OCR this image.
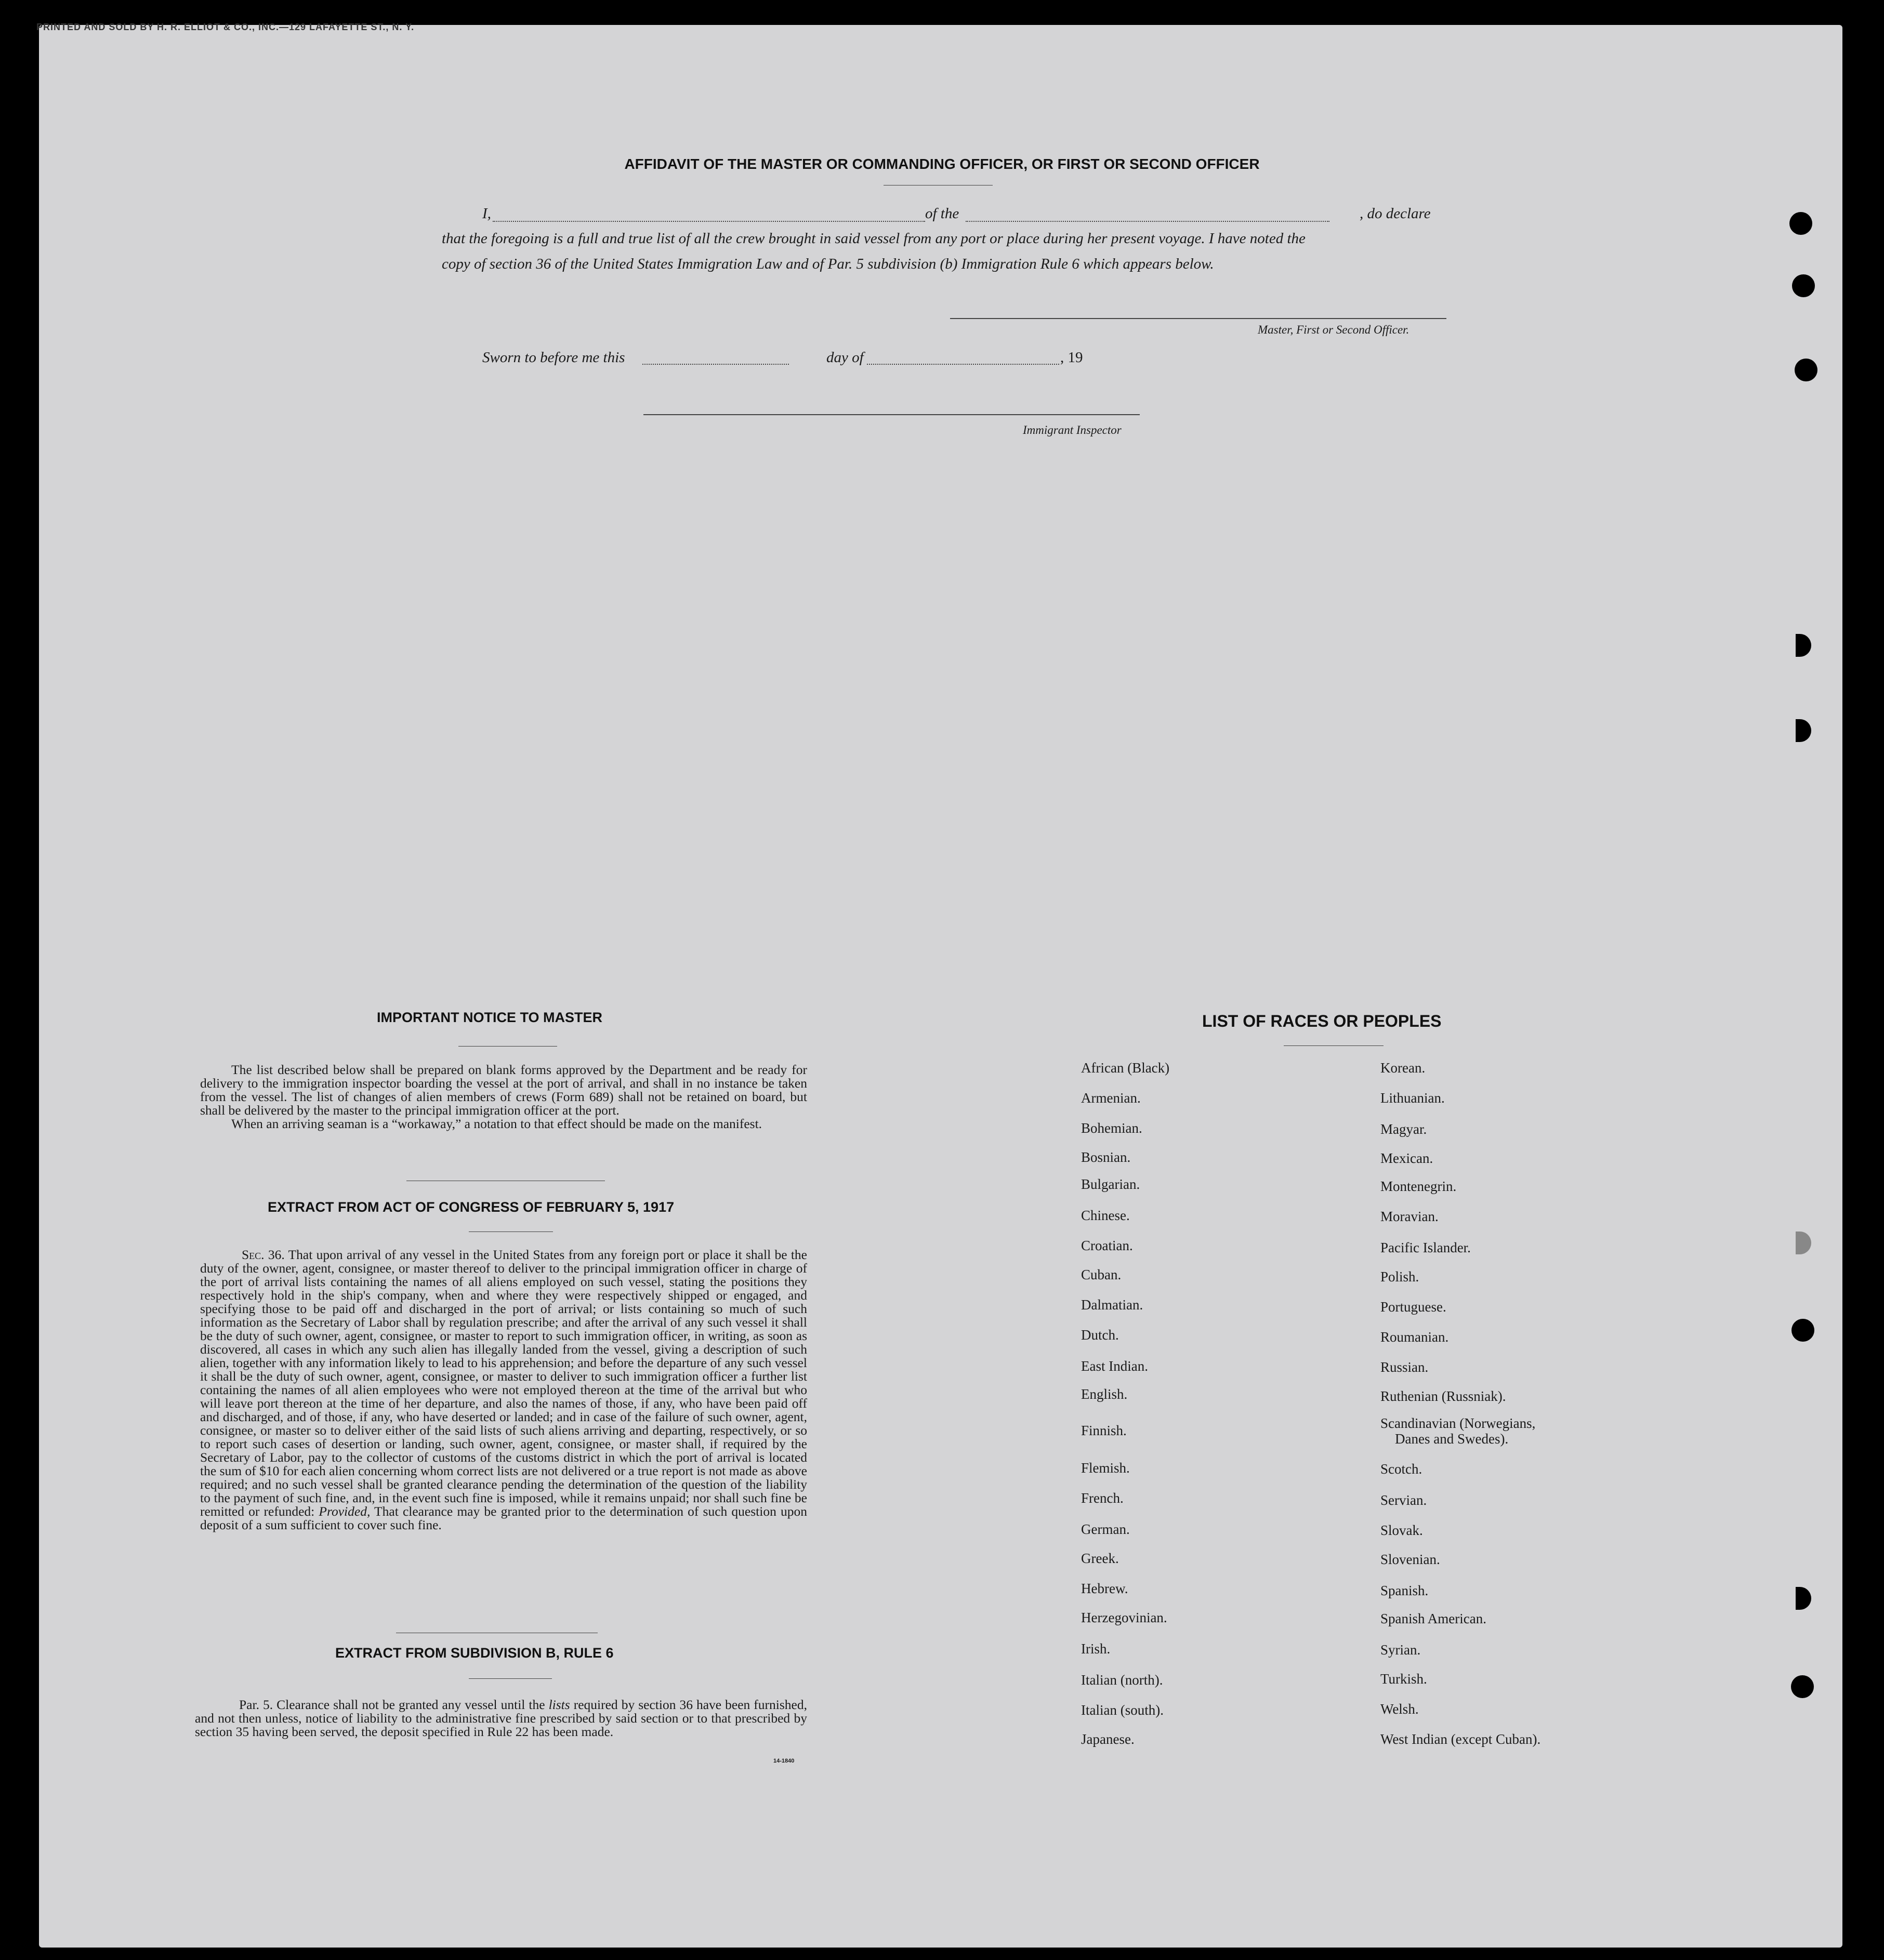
PRINTED AND SOLD BY H. R. ELLIOT & CO., INC.—129 LAFAYETTE ST., N. Y.
AFFIDAVIT OF THE MASTER OR COMMANDING OFFICER, OR FIRST OR SECOND OFFICER
I,	of the	, do declare
that the foregoing is a full and true list of all the crew brought in said vessel from any port or place during her present voyage. I have noted the
copy of section 36 of the United States Immigration Law and of Par. 5 subdivision (b) Immigration Rule 6 which appears below.
Master, First or Second Officer.
Sworn to before me this	day of	, 19
Immigrant Inspector
IMPORTANT NOTICE TO MASTER

The list described below shall be prepared on blank forms approved by the Department and be ready for delivery to the immigration inspector boarding the vessel at the port of arrival, and shall in no instance be taken from the vessel. The list of changes of alien members of crews (Form 689) shall not be retained on board, but shall be delivered by the master to the principal immigration officer at the port.

When an arriving seaman is a “workaway,” a notation to that effect should be made on the manifest.

EXTRACT FROM ACT OF CONGRESS OF FEBRUARY 5, 1917

Sec. 36. That upon arrival of any vessel in the United States from any foreign port or place it shall be the duty of the owner, agent, consignee, or master thereof to deliver to the principal immigration officer in charge of the port of arrival lists containing the names of all aliens employed on such vessel, stating the positions they respectively hold in the ship's company, when and where they were respectively shipped or engaged, and specifying those to be paid off and discharged in the port of arrival; or lists containing so much of such information as the Secretary of Labor shall by regulation prescribe; and after the arrival of any such vessel it shall be the duty of such owner, agent, consignee, or master to report to such immigration officer, in writing, as soon as discovered, all cases in which any such alien has illegally landed from the vessel, giving a description of such alien, together with any information likely to lead to his apprehension; and before the departure of any such vessel it shall be the duty of such owner, agent, consignee, or master to deliver to such immigration officer a further list containing the names of all alien employees who were not employed thereon at the time of the arrival but who will leave port thereon at the time of her departure, and also the names of those, if any, who have been paid off and discharged, and of those, if any, who have deserted or landed; and in case of the failure of such owner, agent, consignee, or master so to deliver either of the said lists of such aliens arriving and departing, respectively, or so to report such cases of desertion or landing, such owner, agent, consignee, or master shall, if required by the Secretary of Labor, pay to the collector of customs of the customs district in which the port of arrival is located the sum of $10 for each alien concerning whom correct lists are not delivered or a true report is not made as above required; and no such vessel shall be granted clearance pending the determination of the question of the liability to the payment of such fine, and, in the event such fine is imposed, while it remains unpaid; nor shall such fine be remitted or refunded: Provided, That clearance may be granted prior to the determination of such question upon deposit of a sum sufficient to cover such fine.

EXTRACT FROM SUBDIVISION B, RULE 6

Par. 5. Clearance shall not be granted any vessel until the lists required by section 36 have been furnished, and not then unless, notice of liability to the administrative fine prescribed by said section or to that prescribed by section 35 having been served, the deposit specified in Rule 22 has been made.

14-1840
LIST OF RACES OR PEOPLES
African (Black)
Armenian.
Bohemian.
Bosnian.
Bulgarian.
Chinese.
Croatian.
Cuban.
Dalmatian.
Dutch.
East Indian.
English.
Finnish.
Flemish.
French.
German.
Greek.
Hebrew.
Herzegovinian.
Irish.
Italian (north).
Italian (south).
Japanese.
Korean.
Lithuanian.
Magyar.
Mexican.
Montenegrin.
Moravian.
Pacific Islander.
Polish.
Portuguese.
Roumanian.
Russian.
Ruthenian (Russniak).
Scandinavian (Norwegians,
Scotch.
Servian.
Slovak.
Slovenian.
Spanish.
Spanish American.
Syrian.
Turkish.
Welsh.
West Indian (except Cuban).
Danes and Swedes).
